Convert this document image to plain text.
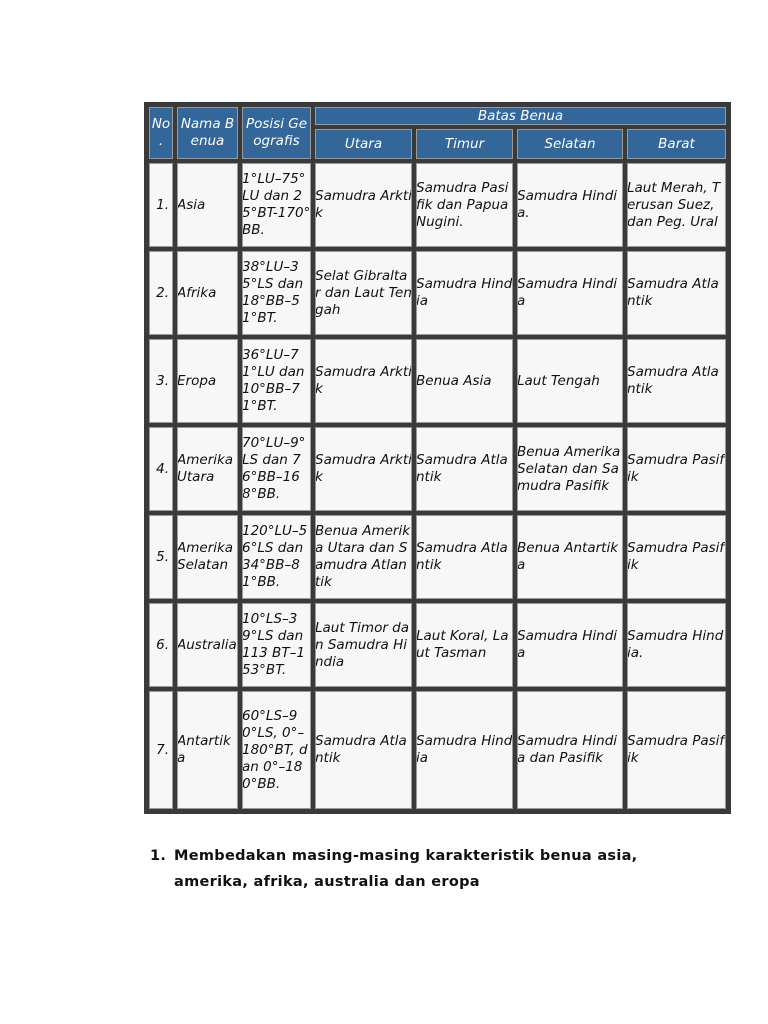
No .	Nama Benua	Posisi Geografis	Batas Benua			
			Utara	Timur	Selatan	Barat
1.	Asia	1°LU–75°LU dan 25°BT-170°BB.	Samudra Arktik	Samudra Pasifik dan Papua Nugini.	Samudra Hindia.	Laut Merah, Terusan Suez, dan Peg. Ural
2.	Afrika	38°LU–35°LS dan 18°BB–51°BT.	Selat Gibraltar dan Laut Tengah	Samudra Hindia	Samudra Hindia	Samudra Atlantik
3.	Eropa	36°LU–71°LU dan 10°BB–71°BT.	Samudra Arktik	Benua Asia	Laut Tengah	Samudra Atlantik
4.	Amerika Utara	70°LU–9°LS dan 76°BB–168°BB.	Samudra Arktik	Samudra Atlantik	Benua Amerika Selatan dan Samudra Pasifik	Samudra Pasifik
5.	Amerika Selatan	120°LU–56°LS dan 34°BB–81°BB.	Benua Amerika Utara dan Samudra Atlantik	Samudra Atlantik	Benua Antartika	Samudra Pasifik
6.	Australia	10°LS–39°LS dan 113 BT–153°BT.	Laut Timor dan Samudra Hindia	Laut Koral, Laut Tasman	Samudra Hindia	Samudra Hindia.
7.	Antartika	60°LS–90°LS, 0°–180°BT, dan 0°–180°BB.	Samudra Atlantik	Samudra Hindia	Samudra Hindia dan Pasifik	Samudra Pasifik
1. Membedakan masing-masing karakteristik benua asia, amerika, afrika, australia dan eropa
